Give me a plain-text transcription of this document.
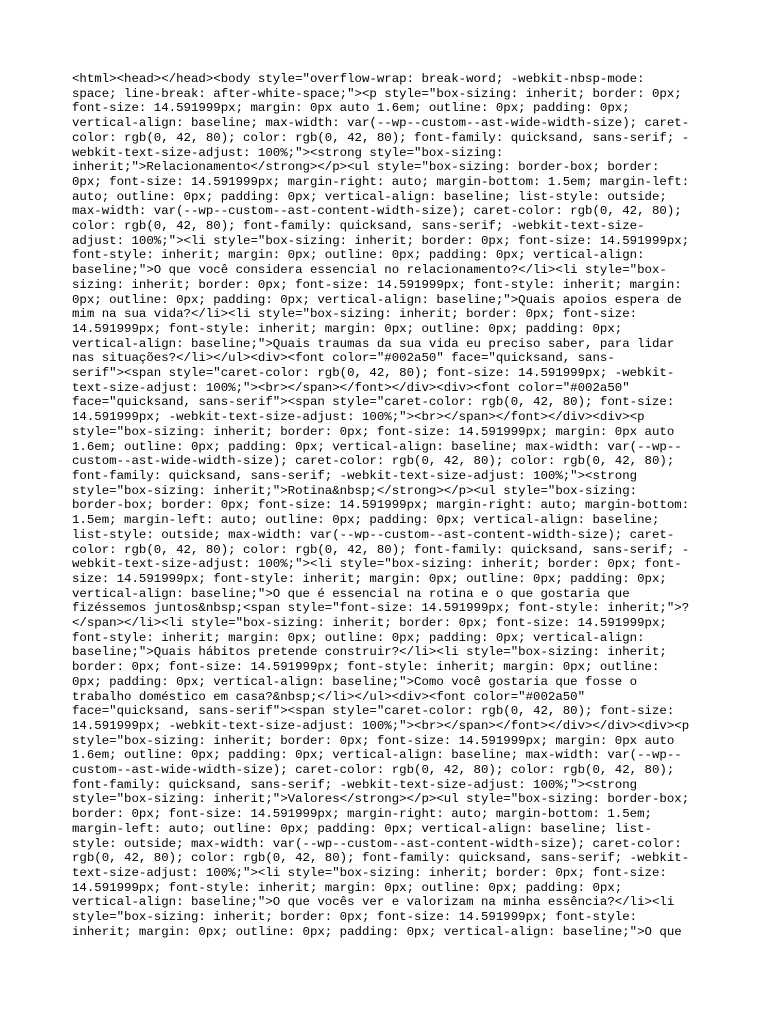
<html><head></head><body style="overflow-wrap: break-word; -webkit-nbsp-mode:
space; line-break: after-white-space;"><p style="box-sizing: inherit; border: 0px;
font-size: 14.591999px; margin: 0px auto 1.6em; outline: 0px; padding: 0px;
vertical-align: baseline; max-width: var(--wp--custom--ast-wide-width-size); caret-
color: rgb(0, 42, 80); color: rgb(0, 42, 80); font-family: quicksand, sans-serif; -
webkit-text-size-adjust: 100%;"><strong style="box-sizing:
inherit;">Relacionamento</strong></p><ul style="box-sizing: border-box; border:
0px; font-size: 14.591999px; margin-right: auto; margin-bottom: 1.5em; margin-left:
auto; outline: 0px; padding: 0px; vertical-align: baseline; list-style: outside;
max-width: var(--wp--custom--ast-content-width-size); caret-color: rgb(0, 42, 80);
color: rgb(0, 42, 80); font-family: quicksand, sans-serif; -webkit-text-size-
adjust: 100%;"><li style="box-sizing: inherit; border: 0px; font-size: 14.591999px;
font-style: inherit; margin: 0px; outline: 0px; padding: 0px; vertical-align:
baseline;">O que você considera essencial no relacionamento?</li><li style="box-
sizing: inherit; border: 0px; font-size: 14.591999px; font-style: inherit; margin:
0px; outline: 0px; padding: 0px; vertical-align: baseline;">Quais apoios espera de
mim na sua vida?</li><li style="box-sizing: inherit; border: 0px; font-size:
14.591999px; font-style: inherit; margin: 0px; outline: 0px; padding: 0px;
vertical-align: baseline;">Quais traumas da sua vida eu preciso saber, para lidar
nas situações?</li></ul><div><font color="#002a50" face="quicksand, sans-
serif"><span style="caret-color: rgb(0, 42, 80); font-size: 14.591999px; -webkit-
text-size-adjust: 100%;"><br></span></font></div><div><font color="#002a50"
face="quicksand, sans-serif"><span style="caret-color: rgb(0, 42, 80); font-size:
14.591999px; -webkit-text-size-adjust: 100%;"><br></span></font></div><div><p
style="box-sizing: inherit; border: 0px; font-size: 14.591999px; margin: 0px auto
1.6em; outline: 0px; padding: 0px; vertical-align: baseline; max-width: var(--wp--
custom--ast-wide-width-size); caret-color: rgb(0, 42, 80); color: rgb(0, 42, 80);
font-family: quicksand, sans-serif; -webkit-text-size-adjust: 100%;"><strong
style="box-sizing: inherit;">Rotina&nbsp;</strong></p><ul style="box-sizing:
border-box; border: 0px; font-size: 14.591999px; margin-right: auto; margin-bottom:
1.5em; margin-left: auto; outline: 0px; padding: 0px; vertical-align: baseline;
list-style: outside; max-width: var(--wp--custom--ast-content-width-size); caret-
color: rgb(0, 42, 80); color: rgb(0, 42, 80); font-family: quicksand, sans-serif; -
webkit-text-size-adjust: 100%;"><li style="box-sizing: inherit; border: 0px; font-
size: 14.591999px; font-style: inherit; margin: 0px; outline: 0px; padding: 0px;
vertical-align: baseline;">O que é essencial na rotina e o que gostaria que
fizéssemos juntos&nbsp;<span style="font-size: 14.591999px; font-style: inherit;">?
</span></li><li style="box-sizing: inherit; border: 0px; font-size: 14.591999px;
font-style: inherit; margin: 0px; outline: 0px; padding: 0px; vertical-align:
baseline;">Quais hábitos pretende construir?</li><li style="box-sizing: inherit;
border: 0px; font-size: 14.591999px; font-style: inherit; margin: 0px; outline:
0px; padding: 0px; vertical-align: baseline;">Como você gostaria que fosse o
trabalho doméstico em casa?&nbsp;</li></ul><div><font color="#002a50"
face="quicksand, sans-serif"><span style="caret-color: rgb(0, 42, 80); font-size:
14.591999px; -webkit-text-size-adjust: 100%;"><br></span></font></div></div><div><p
style="box-sizing: inherit; border: 0px; font-size: 14.591999px; margin: 0px auto
1.6em; outline: 0px; padding: 0px; vertical-align: baseline; max-width: var(--wp--
custom--ast-wide-width-size); caret-color: rgb(0, 42, 80); color: rgb(0, 42, 80);
font-family: quicksand, sans-serif; -webkit-text-size-adjust: 100%;"><strong
style="box-sizing: inherit;">Valores</strong></p><ul style="box-sizing: border-box;
border: 0px; font-size: 14.591999px; margin-right: auto; margin-bottom: 1.5em;
margin-left: auto; outline: 0px; padding: 0px; vertical-align: baseline; list-
style: outside; max-width: var(--wp--custom--ast-content-width-size); caret-color:
rgb(0, 42, 80); color: rgb(0, 42, 80); font-family: quicksand, sans-serif; -webkit-
text-size-adjust: 100%;"><li style="box-sizing: inherit; border: 0px; font-size:
14.591999px; font-style: inherit; margin: 0px; outline: 0px; padding: 0px;
vertical-align: baseline;">O que vocês ver e valorizam na minha essência?</li><li
style="box-sizing: inherit; border: 0px; font-size: 14.591999px; font-style:
inherit; margin: 0px; outline: 0px; padding: 0px; vertical-align: baseline;">O que
